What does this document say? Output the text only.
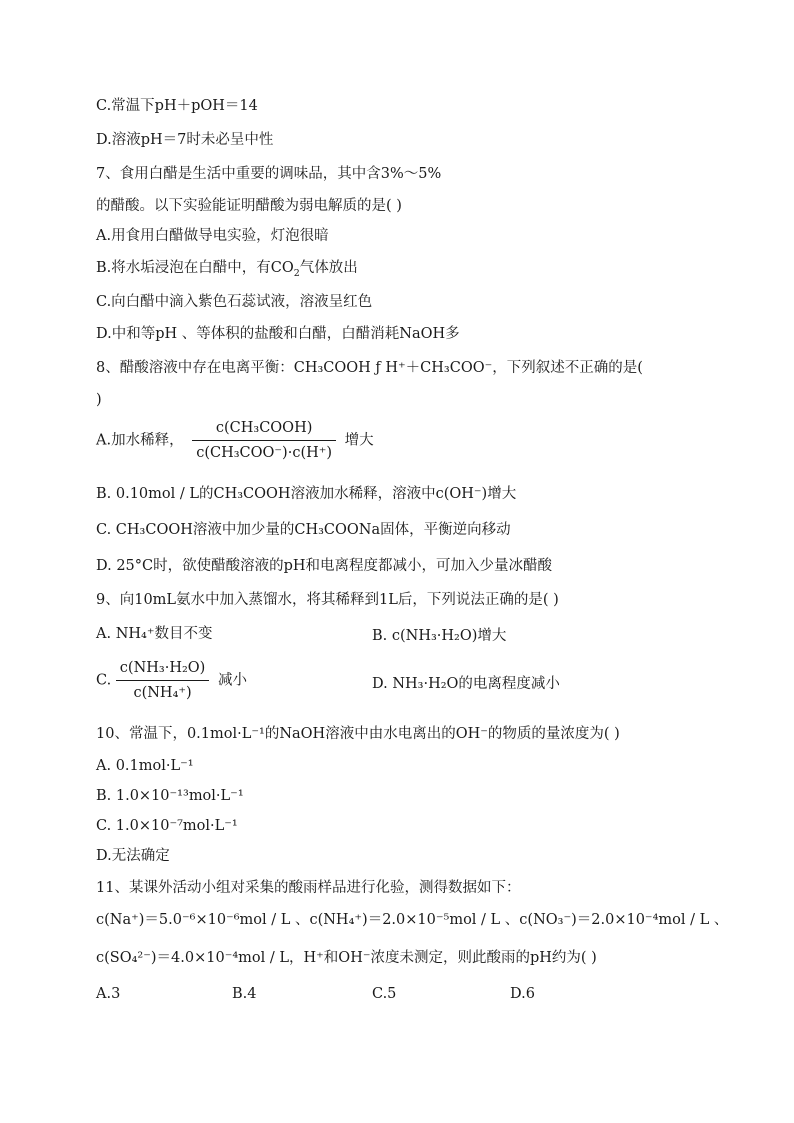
C.常温下pH＋pOH＝14
D.溶液pH＝7时未必呈中性
7、食用白醋是生活中重要的调味品，其中含3%～5%
的醋酸。以下实验能证明醋酸为弱电解质的是( )
A.用食用白醋做导电实验，灯泡很暗
B.将水垢浸泡在白醋中，有$CO_2$气体放出
C.向白醋中滴入紫色石蕊试液，溶液呈红色
D.中和等pH 、等体积的盐酸和白醋，白醋消耗NaOH多
8、醋酸溶液中存在电离平衡：CH₃COOH ƒ H⁺＋CH₃COO⁻，下列叙述不正确的是(
)
A.加水稀释， $\frac{\text{c(CH₃COOH)}}{\text{c(CH₃COO⁻)·c(H⁺)}}$ 增大
B. 0.10mol / L的CH₃COOH溶液加水稀释，溶液中c(OH⁻)增大
C. CH₃COOH溶液中加少量的CH₃COONa固体，平衡逆向移动
D. 25°C时，欲使醋酸溶液的pH和电离程度都减小，可加入少量冰醋酸
9、向10mL氨水中加入蒸馏水，将其稀释到1L后，下列说法正确的是( )
A. NH₄⁺数目不变	B. c(NH₃·H₂O)增大
C. $\frac{\text{c(NH₃·H₂O)}}{\text{c(NH₄⁺)}}$ 减小	D. NH₃·H₂O的电离程度减小
10、常温下，0.1mol·L⁻¹的NaOH溶液中由水电离出的OH⁻的物质的量浓度为( )
A. 0.1mol·L⁻¹
B. 1.0×10⁻¹³mol·L⁻¹
C. 1.0×10⁻⁷mol·L⁻¹
D.无法确定
11、某课外活动小组对采集的酸雨样品进行化验，测得数据如下：
c(Na⁺)＝5.0⁻⁶×10⁻⁶mol / L 、c(NH₄⁺)＝2.0×10⁻⁵mol / L 、c(NO₃⁻)＝2.0×10⁻⁴mol / L 、
c(SO₄²⁻)＝4.0×10⁻⁴mol / L，H⁺和OH⁻浓度未测定，则此酸雨的pH约为( )
A.3	B.4	C.5	D.6
